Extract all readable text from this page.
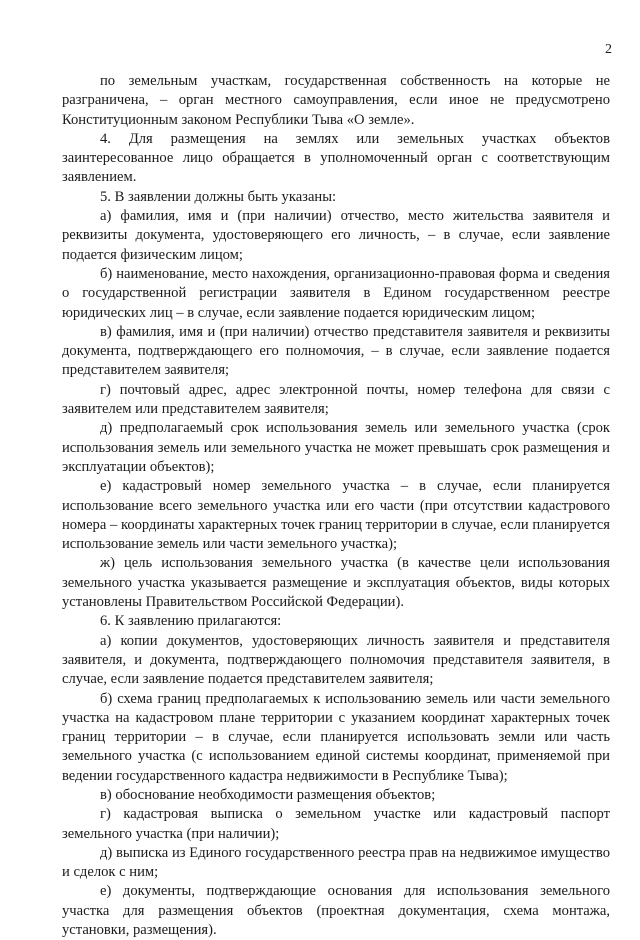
2

по земельным участкам, государственная собственность на которые не разграничена, – орган местного самоуправления, если иное не предусмотрено Конституционным законом Республики Тыва «О земле».

4. Для размещения на землях или земельных участках объектов заинтересованное лицо обращается в уполномоченный орган с соответствующим заявлением.

5. В заявлении должны быть указаны:

а) фамилия, имя и (при наличии) отчество, место жительства заявителя и реквизиты документа, удостоверяющего его личность, – в случае, если заявление подается физическим лицом;

б) наименование, место нахождения, организационно-правовая форма и сведения о государственной регистрации заявителя в Едином государственном реестре юридических лиц – в случае, если заявление подается юридическим лицом;

в) фамилия, имя и (при наличии) отчество представителя заявителя и реквизиты документа, подтверждающего его полномочия, – в случае, если заявление подается представителем заявителя;

г) почтовый адрес, адрес электронной почты, номер телефона для связи с заявителем или представителем заявителя;

д) предполагаемый срок использования земель или земельного участка (срок использования земель или земельного участка не может превышать срок размещения и эксплуатации объектов);

е) кадастровый номер земельного участка – в случае, если планируется использование всего земельного участка или его части (при отсутствии кадастрового номера – координаты характерных точек границ территории в случае, если планируется использование земель или части земельного участка);

ж) цель использования земельного участка (в качестве цели использования земельного участка указывается размещение и эксплуатация объектов, виды которых установлены Правительством Российской Федерации).

6. К заявлению прилагаются:

а) копии документов, удостоверяющих личность заявителя и представителя заявителя, и документа, подтверждающего полномочия представителя заявителя, в случае, если заявление подается представителем заявителя;

б) схема границ предполагаемых к использованию земель или части земельного участка на кадастровом плане территории с указанием координат характерных точек границ территории – в случае, если планируется использовать земли или часть земельного участка (с использованием единой системы координат, применяемой при ведении государственного кадастра недвижимости в Республике Тыва);

в) обоснование необходимости размещения объектов;

г) кадастровая выписка о земельном участке или кадастровый паспорт земельного участка (при наличии);

д) выписка из Единого государственного реестра прав на недвижимое имущество и сделок с ним;

е) документы, подтверждающие основания для использования земельного участка для размещения объектов (проектная документация, схема монтажа, установки, размещения).
